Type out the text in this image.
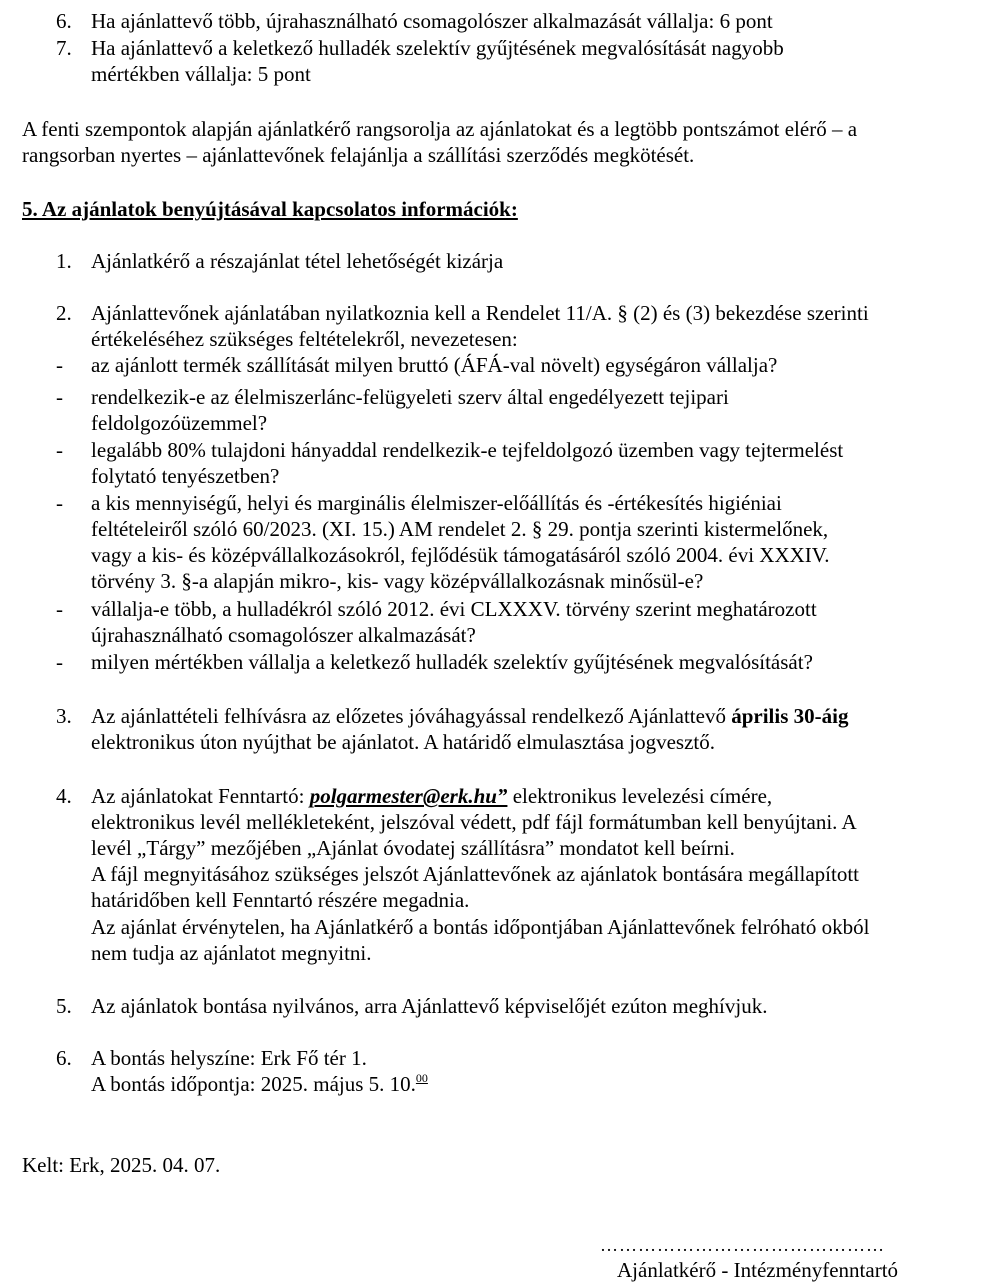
6. Ha ajánlattevő több, újrahasználható csomagolószer alkalmazását vállalja: 6 pont
7. Ha ajánlattevő a keletkező hulladék szelektív gyűjtésének megvalósítását nagyobb
mértékben vállalja: 5 pont
A fenti szempontok alapján ajánlatkérő rangsorolja az ajánlatokat és a legtöbb pontszámot elérő – a
rangsorban nyertes – ajánlattevőnek felajánlja a szállítási szerződés megkötését.
5. Az ajánlatok benyújtásával kapcsolatos információk:
1. Ajánlatkérő a részajánlat tétel lehetőségét kizárja
2. Ajánlattevőnek ajánlatában nyilatkoznia kell a Rendelet 11/A. § (2) és (3) bekezdése szerinti
értékeléséhez szükséges feltételekről, nevezetesen:
- az ajánlott termék szállítását milyen bruttó (ÁFÁ-val növelt) egységáron vállalja?
- rendelkezik-e az élelmiszerlánc-felügyeleti szerv által engedélyezett tejipari
feldolgozóüzemmel?
- legalább 80% tulajdoni hányaddal rendelkezik-e tejfeldolgozó üzemben vagy tejtermelést
folytató tenyészetben?
- a kis mennyiségű, helyi és marginális élelmiszer-előállítás és -értékesítés higiéniai
feltételeiről szóló 60/2023. (XI. 15.) AM rendelet 2. § 29. pontja szerinti kistermelőnek,
vagy a kis- és középvállalkozásokról, fejlődésük támogatásáról szóló 2004. évi XXXIV.
törvény 3. §-a alapján mikro-, kis- vagy középvállalkozásnak minősül-e?
- vállalja-e több, a hulladékról szóló 2012. évi CLXXXV. törvény szerint meghatározott
újrahasználható csomagolószer alkalmazását?
- milyen mértékben vállalja a keletkező hulladék szelektív gyűjtésének megvalósítását?
3. Az ajánlattételi felhívásra az előzetes jóváhagyással rendelkező Ajánlattevő április 30-áig
elektronikus úton nyújthat be ajánlatot. A határidő elmulasztása jogvesztő.
4. Az ajánlatokat Fenntartó: polgarmester@erk.hu” elektronikus levelezési címére,
elektronikus levél mellékleteként, jelszóval védett, pdf fájl formátumban kell benyújtani. A
levél „Tárgy” mezőjében „Ajánlat óvodatej szállításra” mondatot kell beírni.
A fájl megnyitásához szükséges jelszót Ajánlattevőnek az ajánlatok bontására megállapított
határidőben kell Fenntartó részére megadnia.
Az ajánlat érvénytelen, ha Ajánlatkérő a bontás időpontjában Ajánlattevőnek felróható okból
nem tudja az ajánlatot megnyitni.
5. Az ajánlatok bontása nyilvános, arra Ajánlattevő képviselőjét ezúton meghívjuk.
6. A bontás helyszíne: Erk Fő tér 1.
A bontás időpontja: 2025. május 5. 10.00
Kelt: Erk, 2025. 04. 07.
………………………………………
Ajánlatkérő - Intézményfenntartó
